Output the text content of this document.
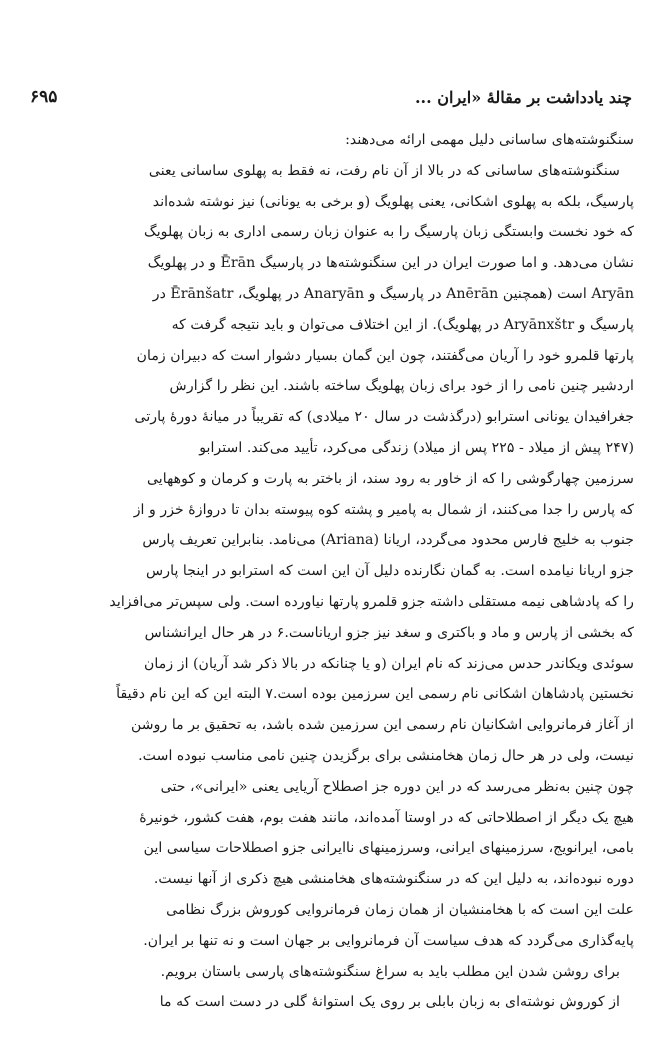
چند یادداشت بر مقالهٔ «ایران ...
۶۹۵
سنگنوشته‌های ساسانی دلیل مهمی ارائه می‌دهند:
سنگنوشته‌های ساسانی که در بالا از آن نام رفت، نه فقط به پهلوی ساسانی یعنی
پارسیگ، بلکه به پهلوی اشکانی، یعنی پهلویگ (و برخی به یونانی) نیز نوشته شده‌اند
که خود نخست وابستگی زبان پارسیگ را به عنوان زبان رسمی اداری به زبان پهلویگ
نشان می‌دهد. و اما صورت ایران در این سنگنوشته‌ها در پارسیگ Ērān و در پهلویگ
Aryān است (همچنین Anērān در پارسیگ و Anaryān در پهلویگ، Ērānšatr در
پارسیگ و Aryānxštr در پهلویگ). از این اختلاف می‌توان و باید نتیجه گرفت که
پارتها قلمرو خود را آریان می‌گفتند، چون این گمان بسیار دشوار است که دبیران زمان
اردشیر چنین نامی را از خود برای زبان پهلویگ ساخته باشند. این نظر را گزارش
جغرافیدان یونانی استرابو (درگذشت در سال ۲۰ میلادی) که تقریباً در میانهٔ دورهٔ پارتی
(۲۴۷ پیش از میلاد - ۲۲۵ پس از میلاد) زندگی می‌کرد، تأیید می‌کند. استرابو
سرزمین چهارگوشی را که از خاور به رود سند، از باختر به پارت و کرمان و کوههایی
که پارس را جدا می‌کنند، از شمال به پامیر و پشته کوه پیوسته بدان تا دروازهٔ خزر و از
جنوب به خلیج فارس محدود می‌گردد، اریانا (Ariana) می‌نامد. بنابراین تعریف پارس
جزو اریانا نیامده است. به گمان نگارنده دلیل آن این است که استرابو در اینجا پارس
را که پادشاهی نیمه مستقلی داشته جزو قلمرو پارتها نیاورده است. ولی سپس‌تر می‌افزاید
که بخشی از پارس و ماد و باکتری و سغد نیز جزو اریاناست.۶ در هر حال ایرانشناس
سوئدی ویکاندر حدس می‌زند که نام ایران (و یا چنانکه در بالا ذکر شد آریان) از زمان
نخستین پادشاهان اشکانی نام رسمی این سرزمین بوده است.۷ البته این که این نام دقیقاً
از آغاز فرمانروایی اشکانیان نام رسمی این سرزمین شده باشد، به تحقیق بر ما روشن
نیست، ولی در هر حال زمان هخامنشی برای برگزیدن چنین نامی مناسب نبوده است.
چون چنین به‌نظر می‌رسد که در این دوره جز اصطلاح آریایی یعنی «ایرانی»، حتی
هیچ یک دیگر از اصطلاحاتی که در اوستا آمده‌اند، مانند هفت بوم، هفت کشور، خونیرهٔ
بامی، ایرانویج، سرزمینهای ایرانی، وسرزمینهای ناایرانی جزو اصطلاحات سیاسی این
دوره نبوده‌اند، به دلیل این که در سنگنوشته‌های هخامنشی هیچ ذکری از آنها نیست.
علت این است که با هخامنشیان از همان زمان فرمانروایی کوروش بزرگ نظامی
پایه‌گذاری می‌گردد که هدف سیاست آن فرمانروایی بر جهان است و نه تنها بر ایران.
برای روشن شدن این مطلب باید به سراغ سنگنوشته‌های پارسی باستان برویم.
از کوروش نوشته‌ای به زبان بابلی بر روی یک استوانهٔ گلی در دست است که ما
